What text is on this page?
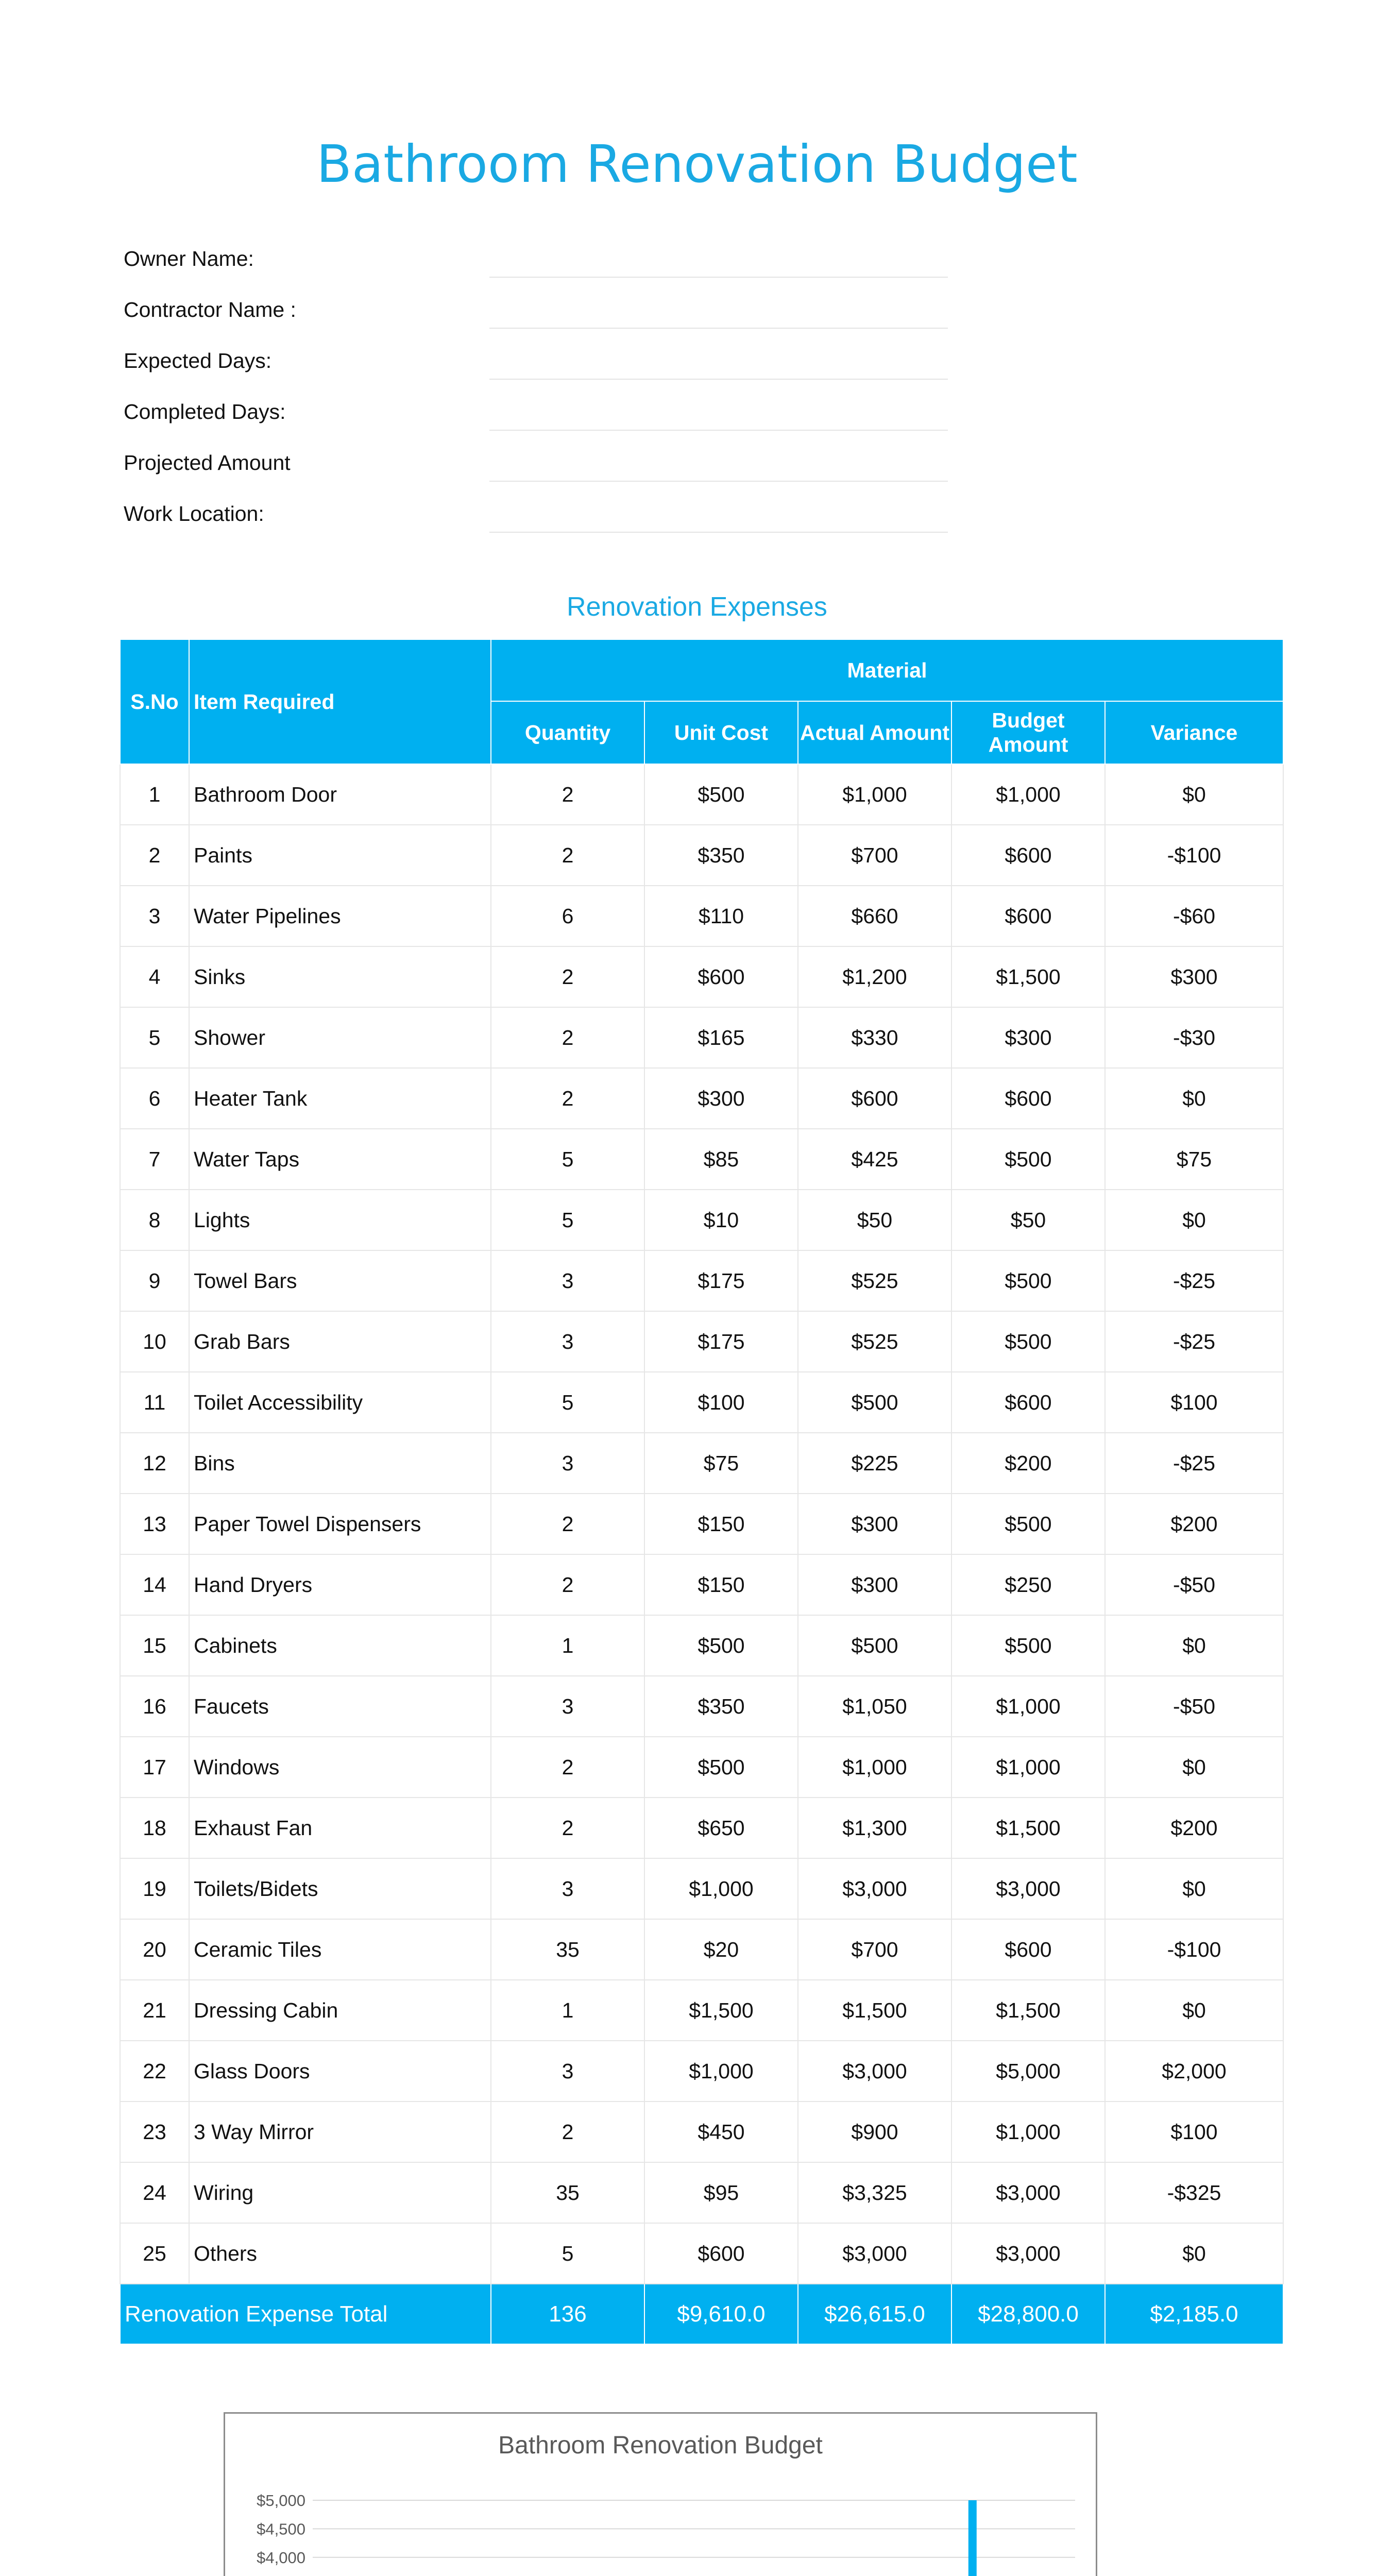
Bathroom Renovation Budget
Owner Name:
Contractor Name :
Expected Days:
Completed Days:
Projected Amount
Work Location:
Renovation Expenses
S.No	Item Required	Material				
		Quantity	Unit Cost	Actual Amount	Budget Amount	Variance
1	Bathroom Door	2	$500	$1,000	$1,000	$0
2	Paints	2	$350	$700	$600	-$100
3	Water Pipelines	6	$110	$660	$600	-$60
4	Sinks	2	$600	$1,200	$1,500	$300
5	Shower	2	$165	$330	$300	-$30
6	Heater Tank	2	$300	$600	$600	$0
7	Water Taps	5	$85	$425	$500	$75
8	Lights	5	$10	$50	$50	$0
9	Towel Bars	3	$175	$525	$500	-$25
10	Grab Bars	3	$175	$525	$500	-$25
11	Toilet Accessibility	5	$100	$500	$600	$100
12	Bins	3	$75	$225	$200	-$25
13	Paper Towel Dispensers	2	$150	$300	$500	$200
14	Hand Dryers	2	$150	$300	$250	-$50
15	Cabinets	1	$500	$500	$500	$0
16	Faucets	3	$350	$1,050	$1,000	-$50
17	Windows	2	$500	$1,000	$1,000	$0
18	Exhaust Fan	2	$650	$1,300	$1,500	$200
19	Toilets/Bidets	3	$1,000	$3,000	$3,000	$0
20	Ceramic Tiles	35	$20	$700	$600	-$100
21	Dressing Cabin	1	$1,500	$1,500	$1,500	$0
22	Glass Doors	3	$1,000	$3,000	$5,000	$2,000
23	3 Way Mirror	2	$450	$900	$1,000	$100
24	Wiring	35	$95	$3,325	$3,000	-$325
25	Others	5	$600	$3,000	$3,000	$0
Renovation Expense Total		136	$9,610.0	$26,615.0	$28,800.0	$2,185.0
Bathroom Renovation Budget
$4,000
$4,500
$5,000
